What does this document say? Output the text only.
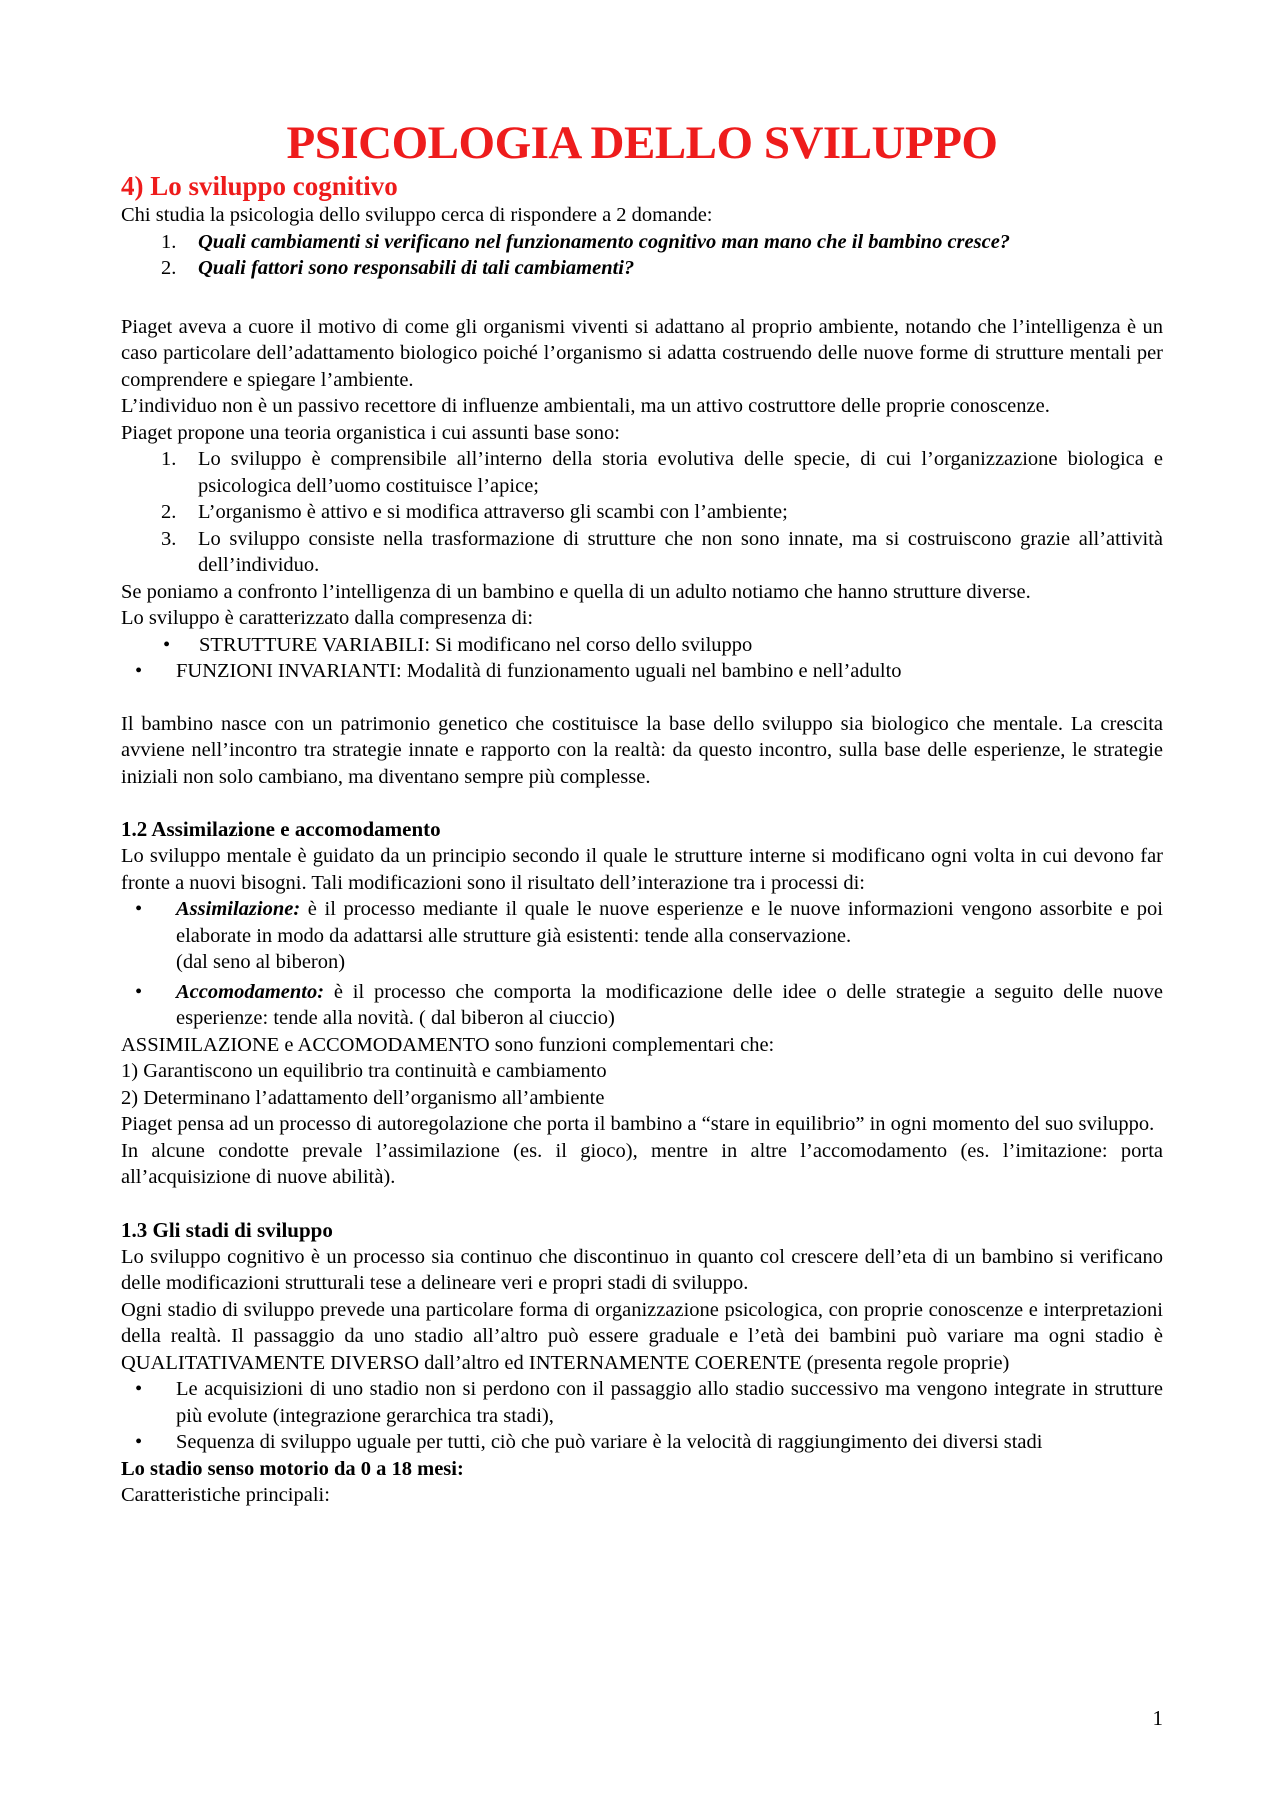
PSICOLOGIA DELLO SVILUPPO
4) Lo sviluppo cognitivo

Chi studia la psicologia dello sviluppo cerca di rispondere a 2 domande:

1. Quali cambiamenti si verificano nel funzionamento cognitivo man mano che il bambino cresce?
2. Quali fattori sono responsabili di tali cambiamenti?

Piaget aveva a cuore il motivo di come gli organismi viventi si adattano al proprio ambiente, notando che l’intelligenza è un caso particolare dell’adattamento biologico poiché l’organismo si adatta costruendo delle nuove forme di strutture mentali per comprendere e spiegare l’ambiente.

L’individuo non è un passivo recettore di influenze ambientali, ma un attivo costruttore delle proprie conoscenze.

Piaget propone una teoria organistica i cui assunti base sono:

1. Lo sviluppo è comprensibile all’interno della storia evolutiva delle specie, di cui l’organizzazione biologica e psicologica dell’uomo costituisce l’apice;
2. L’organismo è attivo e si modifica attraverso gli scambi con l’ambiente;
3. Lo sviluppo consiste nella trasformazione di strutture che non sono innate, ma si costruiscono grazie all’attività dell’individuo.

Se poniamo a confronto l’intelligenza di un bambino e quella di un adulto notiamo che hanno strutture diverse.

Lo sviluppo è caratterizzato dalla compresenza di:

• STRUTTURE VARIABILI: Si modificano nel corso dello sviluppo
• FUNZIONI INVARIANTI: Modalità di funzionamento uguali nel bambino e nell’adulto

Il bambino nasce con un patrimonio genetico che costituisce la base dello sviluppo sia biologico che mentale. La crescita avviene nell’incontro tra strategie innate e rapporto con la realtà: da questo incontro, sulla base delle esperienze, le strategie iniziali non solo cambiano, ma diventano sempre più complesse.

1.2 Assimilazione e accomodamento

Lo sviluppo mentale è guidato da un principio secondo il quale le strutture interne si modificano ogni volta in cui devono far fronte a nuovi bisogni. Tali modificazioni sono il risultato dell’interazione tra i processi di:

• Assimilazione: è il processo mediante il quale le nuove esperienze e le nuove informazioni vengono assorbite e poi elaborate in modo da adattarsi alle strutture già esistenti: tende alla conservazione.
(dal seno al biberon)
• Accomodamento: è il processo che comporta la modificazione delle idee o delle strategie a seguito delle nuove esperienze: tende alla novità. ( dal biberon al ciuccio)

ASSIMILAZIONE e ACCOMODAMENTO sono funzioni complementari che:

1) Garantiscono un equilibrio tra continuità e cambiamento

2) Determinano l’adattamento dell’organismo all’ambiente

Piaget pensa ad un processo di autoregolazione che porta il bambino a “stare in equilibrio” in ogni momento del suo sviluppo.

In alcune condotte prevale l’assimilazione (es. il gioco), mentre in altre l’accomodamento (es. l’imitazione: porta all’acquisizione di nuove abilità).

1.3 Gli stadi di sviluppo

Lo sviluppo cognitivo è un processo sia continuo che discontinuo in quanto col crescere dell’eta di un bambino si verificano delle modificazioni strutturali tese a delineare veri e propri stadi di sviluppo.

Ogni stadio di sviluppo prevede una particolare forma di organizzazione psicologica, con proprie conoscenze e interpretazioni della realtà. Il passaggio da uno stadio all’altro può essere graduale e l’età dei bambini può variare ma ogni stadio è QUALITATIVAMENTE DIVERSO dall’altro ed INTERNAMENTE COERENTE (presenta regole proprie)

• Le acquisizioni di uno stadio non si perdono con il passaggio allo stadio successivo ma vengono integrate in strutture più evolute (integrazione gerarchica tra stadi),
• Sequenza di sviluppo uguale per tutti, ciò che può variare è la velocità di raggiungimento dei diversi stadi

Lo stadio senso motorio da 0 a 18 mesi:

Caratteristiche principali:

1
